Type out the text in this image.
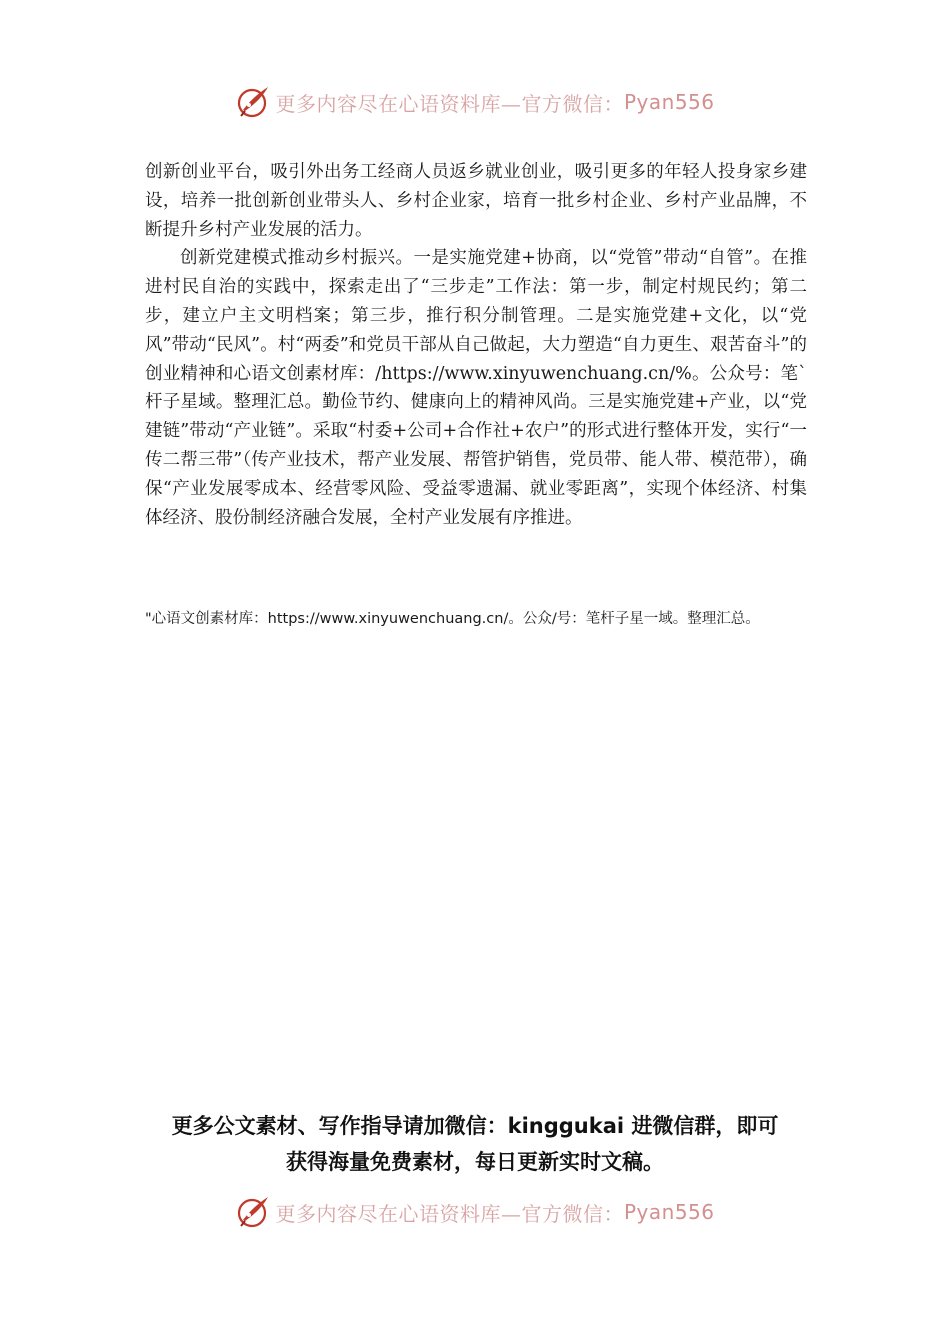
更多内容尽在心语资料库—官方微信： Pyan556

创新创业平台，吸引外出务工经商人员返乡就业创业，吸引更多的年轻人投身家乡建设，培养一批创新创业带头人、乡村企业家，培育一批乡村企业、乡村产业品牌，不断提升乡村产业发展的活力。

创新党建模式推动乡村振兴。一是实施党建+协商，以“党管”带动“自管”。在推进村民自治的实践中，探索走出了“三步走”工作法：第一步，制定村规民约；第二步，建立户主文明档案；第三步，推行积分制管理。二是实施党建+文化，以“党风”带动“民风”。村“两委”和党员干部从自己做起，大力塑造“自力更生、艰苦奋斗”的创业精神和心语文创素材库：/https://www.xinyuwenchuang.cn/%。公众号：笔`杆子星域。整理汇总。勤俭节约、健康向上的精神风尚。三是实施党建+产业，以“党建链”带动“产业链”。采取“村委+公司+合作社+农户”的形式进行整体开发，实行“一传二帮三带”（传产业技术，帮产业发展、帮管护销售，党员带、能人带、模范带），确保“产业发展零成本、经营零风险、受益零遗漏、就业零距离”，实现个体经济、村集体经济、股份制经济融合发展，全村产业发展有序推进。

"心语文创素材库：https://www.xinyuwenchuang.cn/。公众/号：笔杆子星一域。整理汇总。
更多公文素材、写作指导请加微信：kinggukai 进微信群，即可
获得海量免费素材，每日更新实时文稿。
更多内容尽在心语资料库—官方微信： Pyan556
